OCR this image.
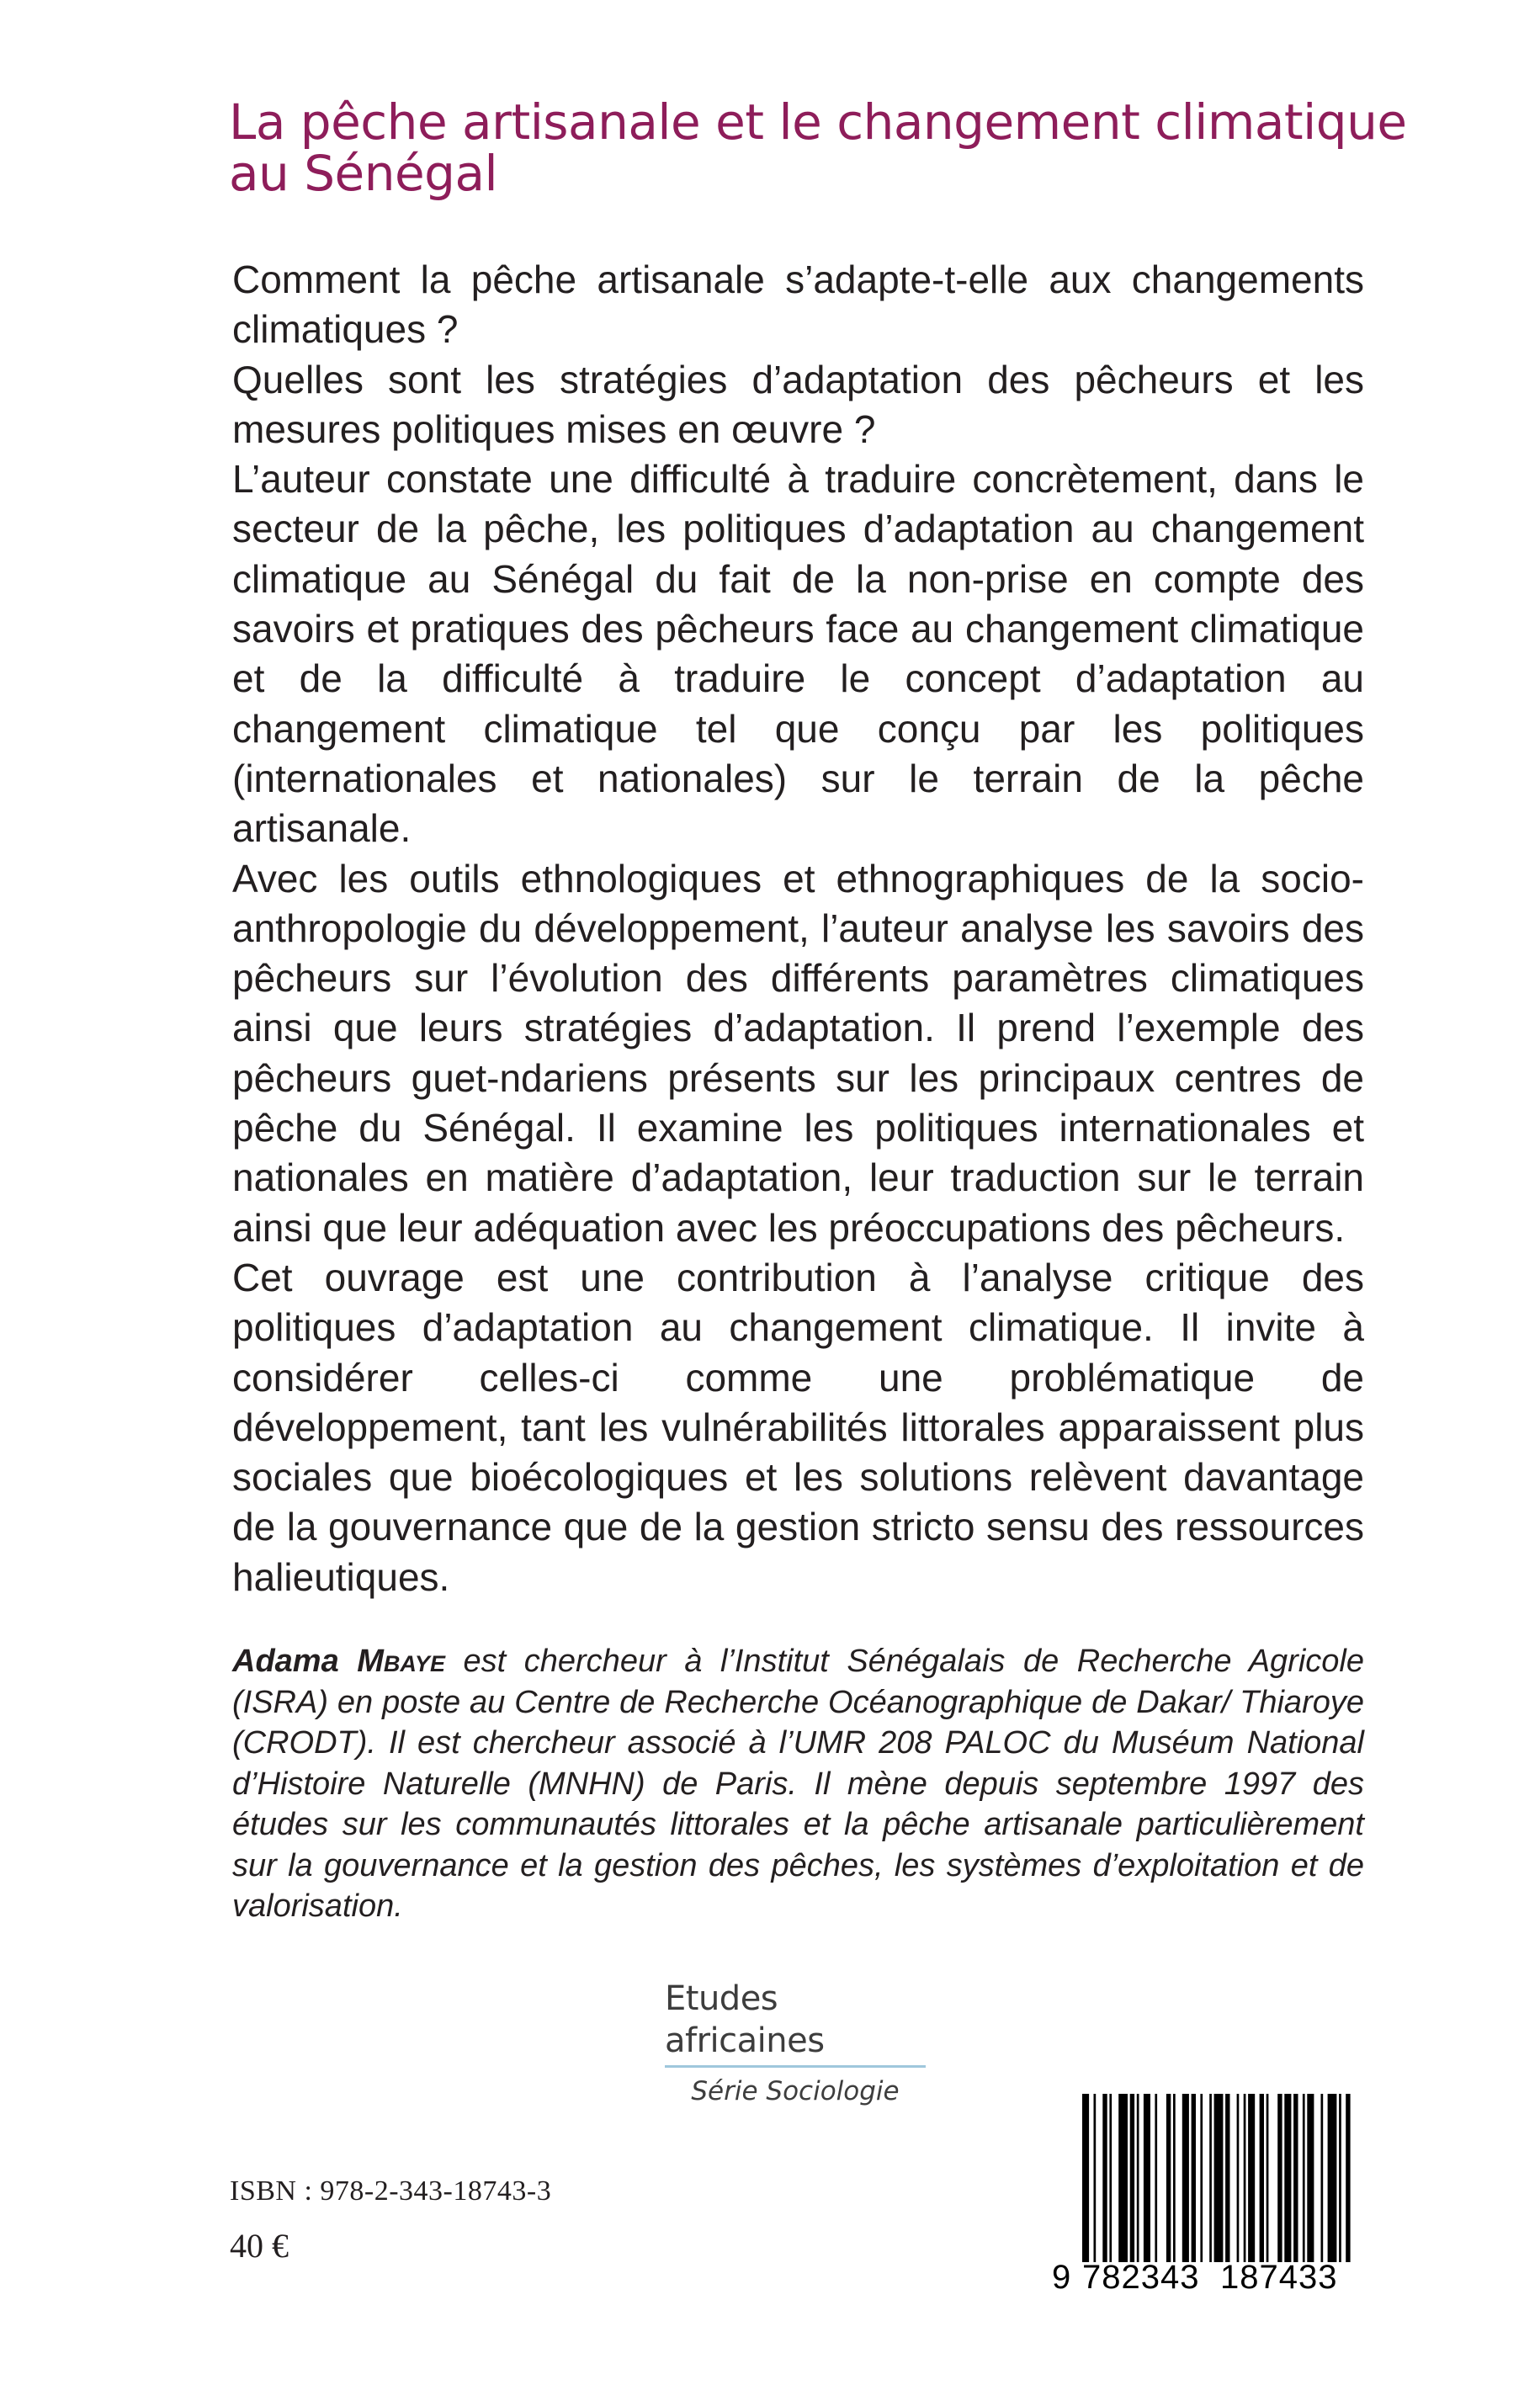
La pêche artisanale et le changement climatique au Sénégal

Comment la pêche artisanale s’adapte-t-elle aux changements climatiques ?

Quelles sont les stratégies d’adaptation des pêcheurs et les mesures politiques mises en œuvre ?

L’auteur constate une difficulté à traduire concrètement, dans le secteur de la pêche, les politiques d’adaptation au changement climatique au Sénégal du fait de la non-prise en compte des savoirs et pratiques des pêcheurs face au changement climatique et de la difficulté à traduire le concept d’adaptation au changement climatique tel que conçu par les politiques (internationales et nationales) sur le terrain de la pêche artisanale.

Avec les outils ethnologiques et ethnographiques de la socio-anthropologie du développement, l’auteur analyse les savoirs des pêcheurs sur l’évolution des différents paramètres climatiques ainsi que leurs stratégies d’adaptation. Il prend l’exemple des pêcheurs guet-ndariens présents sur les principaux centres de pêche du Sénégal. Il examine les politiques internationales et nationales en matière d’adaptation, leur traduction sur le terrain ainsi que leur adéquation avec les préoccupations des pêcheurs.

Cet ouvrage est une contribution à l’analyse critique des politiques d’adaptation au changement climatique. Il invite à considérer celles-ci comme une problématique de développement, tant les vulnérabilités littorales apparaissent plus sociales que bioécologiques et les solutions relèvent davantage de la gouvernance que de la gestion stricto sensu des ressources halieutiques.

Adama Mbaye est chercheur à l’Institut Sénégalais de Recherche Agricole (ISRA) en poste au Centre de Recherche Océanographique de Dakar/ Thiaroye (CRODT). Il est chercheur associé à l’UMR 208 PALOC du Muséum National d’Histoire Naturelle (MNHN) de Paris. Il mène depuis septembre 1997 des études sur les communautés littorales et la pêche artisanale particulièrement sur la gouvernance et la gestion des pêches, les systèmes d’exploitation et de valorisation.

Etudes africaines
Série Sociologie
ISBN : 978-2-343-18743-3
40 €
9 782343 187433
